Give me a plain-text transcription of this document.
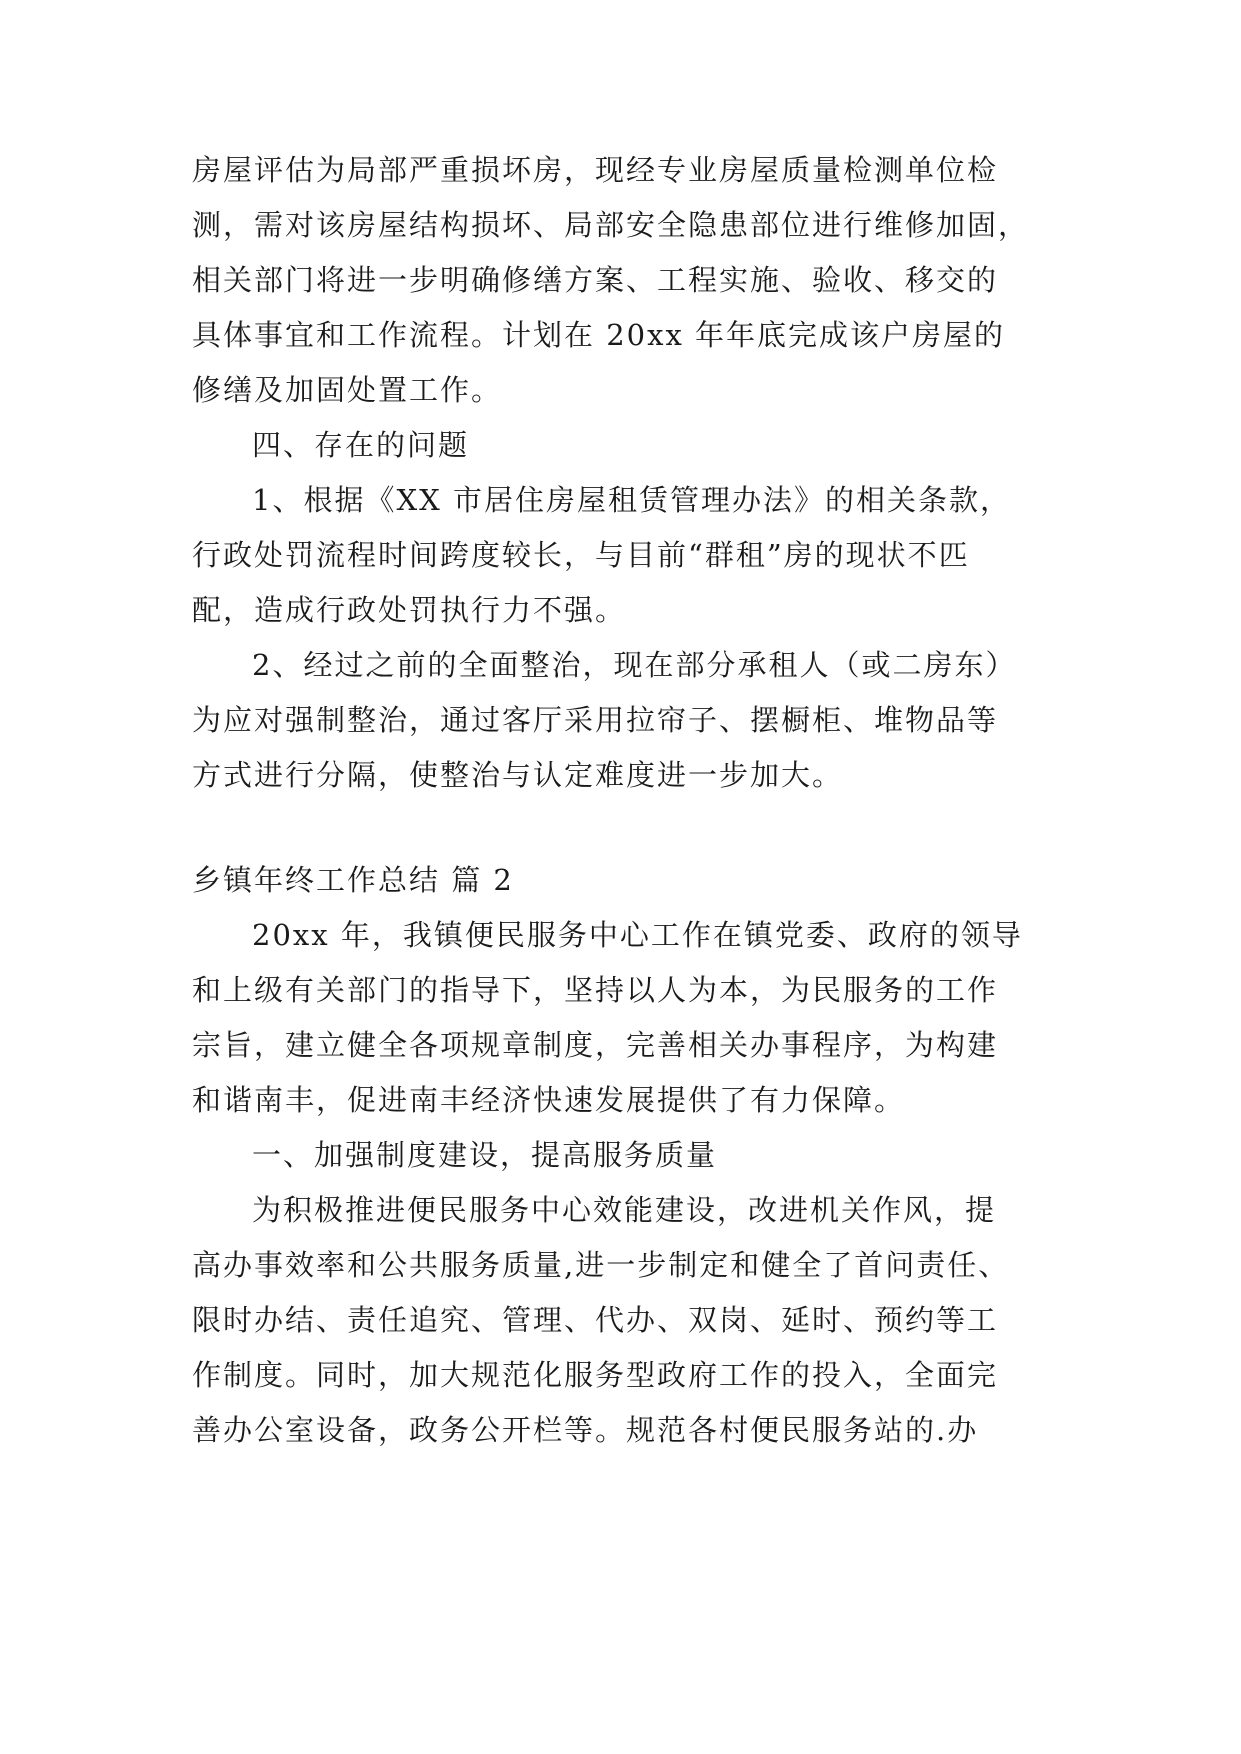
房屋评估为局部严重损坏房，现经专业房屋质量检测单位检
测，需对该房屋结构损坏、局部安全隐患部位进行维修加固，
相关部门将进一步明确修缮方案、工程实施、验收、移交的
具体事宜和工作流程。计划在 20xx 年年底完成该户房屋的
修缮及加固处置工作。
四、存在的问题
1、根据《XX 市居住房屋租赁管理办法》的相关条款，
行政处罚流程时间跨度较长，与目前“群租”房的现状不匹
配，造成行政处罚执行力不强。
2、经过之前的全面整治，现在部分承租人（或二房东）
为应对强制整治，通过客厅采用拉帘子、摆橱柜、堆物品等
方式进行分隔，使整治与认定难度进一步加大。
乡镇年终工作总结 篇 2
20xx 年，我镇便民服务中心工作在镇党委、政府的领导
和上级有关部门的指导下，坚持以人为本，为民服务的工作
宗旨，建立健全各项规章制度，完善相关办事程序，为构建
和谐南丰，促进南丰经济快速发展提供了有力保障。
一、加强制度建设，提高服务质量
为积极推进便民服务中心效能建设，改进机关作风，提
高办事效率和公共服务质量,进一步制定和健全了首问责任、
限时办结、责任追究、管理、代办、双岗、延时、预约等工
作制度。同时，加大规范化服务型政府工作的投入，全面完
善办公室设备，政务公开栏等。规范各村便民服务站的.办
